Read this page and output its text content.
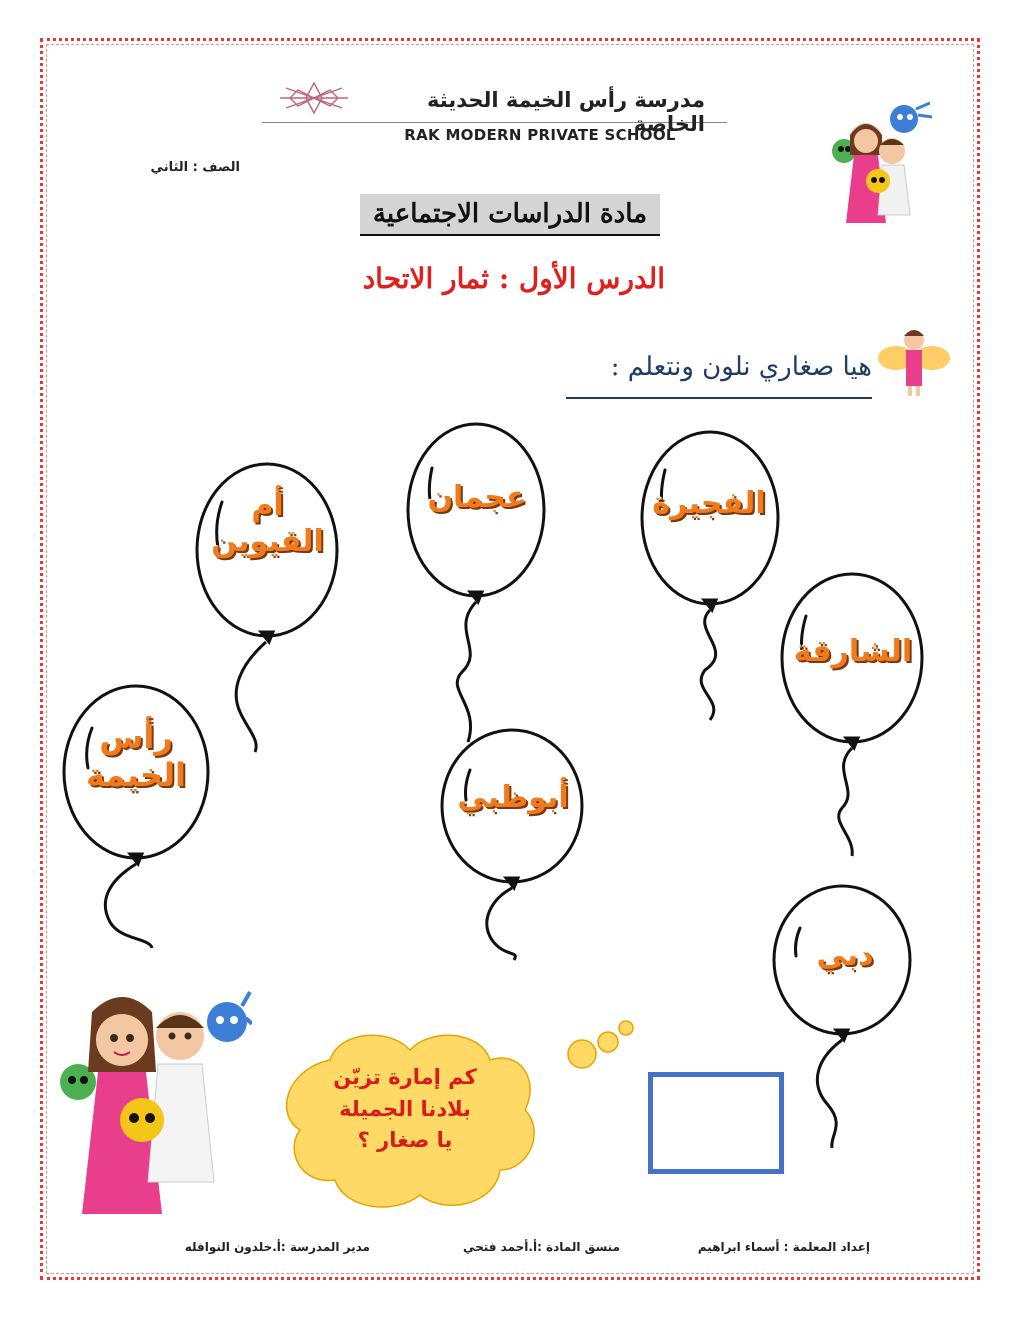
مدرسة رأس الخيمة الحديثة الخاصة
RAK MODERN PRIVATE SCHOOL
الصف : الثاني
مادة الدراسات الاجتماعية
الدرس الأول : ثمار الاتحاد
هيا صغاري نلون ونتعلم :
الفجيرة
عجمان
أم
القيوين
الشارقة
رأس
الخيمة
أبوظبي
دبي
كم إمارة تزيّن
بلادنا الجميلة
يا صغار ؟
إعداد المعلمة : أسماء ابراهيم
منسق المادة :أ.أحمد فتحي
مدير المدرسة :أ.خلدون النوافله
